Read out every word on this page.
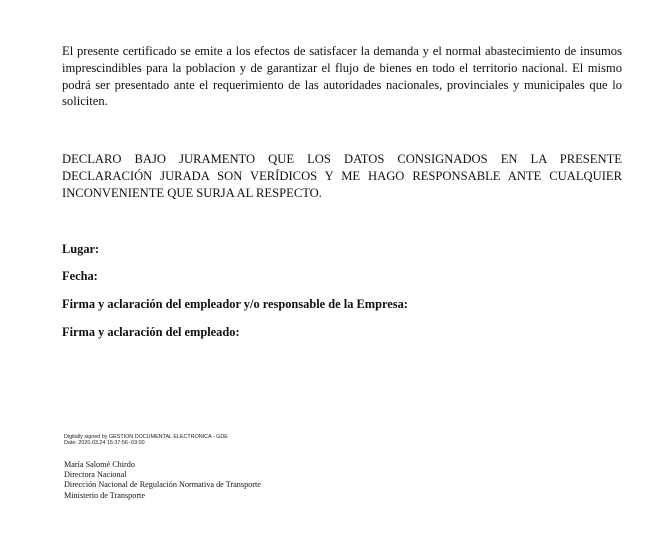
El presente certificado se emite a los efectos de satisfacer la demanda y el normal abastecimiento de insumos imprescindibles para la poblacion y de garantizar el flujo de bienes en todo el territorio nacional. El mismo podrá ser presentado ante el requerimiento de las autoridades nacionales, provinciales y municipales que lo soliciten.

DECLARO BAJO JURAMENTO QUE LOS DATOS CONSIGNADOS EN LA PRESENTE DECLARACIÓN JURADA SON VERÍDICOS Y ME HAGO RESPONSABLE ANTE CUALQUIER INCONVENIENTE QUE SURJA AL RESPECTO.

Lugar:

Fecha:

Firma y aclaración del empleador y/o responsable de la Empresa:

Firma y aclaración del empleado:

Digitally signed by GESTION DOCUMENTAL ELECTRONICA - GDE
Date: 2020.03.24 15:37:56 -03:00
María Salomé Chirdo
Directora Nacional
Dirección Nacional de Regulación Normativa de Transporte
Ministerio de Transporte
